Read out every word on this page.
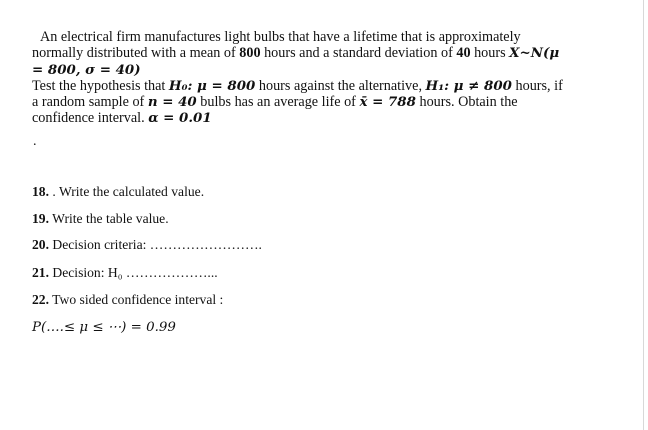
An electrical firm manufactures light bulbs that have a lifetime that is approximately normally distributed with a mean of 800 hours and a standard deviation of 40 hours X~N(μ = 800, σ = 40)

Test the hypothesis that H₀: μ = 800 hours against the alternative, H₁: μ ≠ 800 hours, if a random sample of n = 40 bulbs has an average life of x̄ = 788 hours. Obtain the confidence interval. α = 0.01

.
18. . Write the calculated value.
19. Write the table value.
20. Decision criteria: …………………….
21. Decision: H₀ ………………...
22. Two sided confidence interval :
P(….≤ μ ≤ ⋯) = 0.99
